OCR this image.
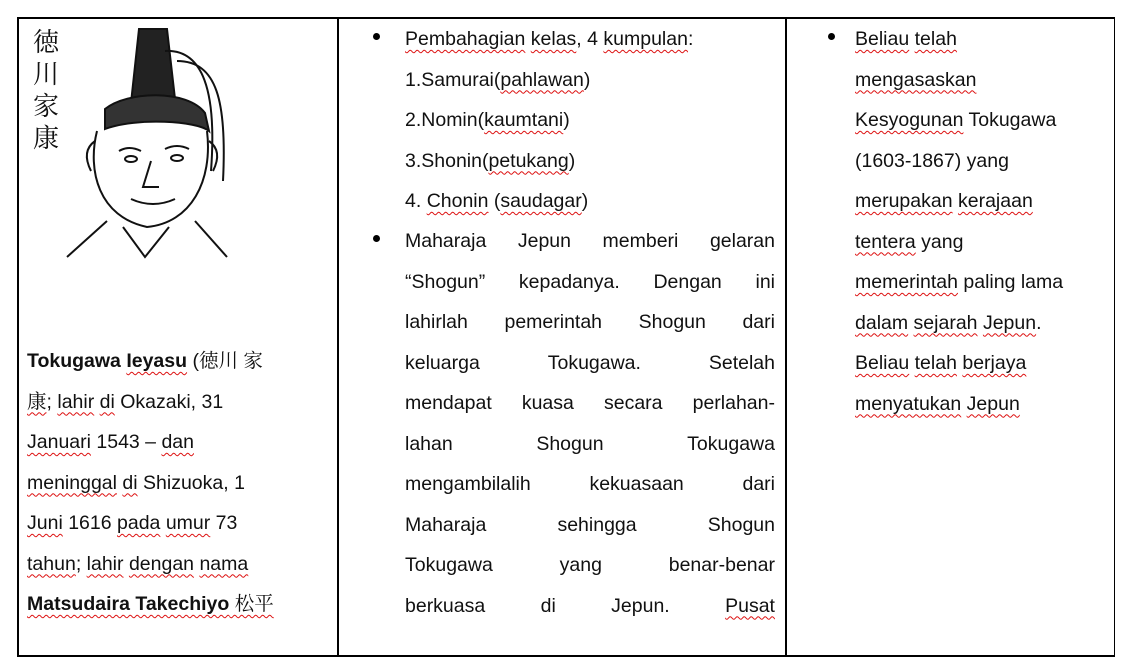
徳
川
家
康
Tokugawa Ieyasu (徳川 家
康; lahir di Okazaki, 31
Januari 1543 – dan
meninggal di Shizuoka, 1
Juni 1616 pada umur 73
tahun; lahir dengan nama
Matsudaira Takechiyo 松平
Pembahagian kelas, 4 kumpulan:
1.Samurai(pahlawan)
2.Nomin(kaumtani)
3.Shonin(petukang)
4. Chonin (saudagar)
Maharaja Jepun memberi gelaran
“Shogun” kepadanya. Dengan ini
lahirlah pemerintah Shogun dari
keluarga	Tokugawa.	Setelah
mendapat kuasa secara perlahan-
lahan	Shogun	Tokugawa
mengambilalih	kekuasaan	dari
Maharaja	sehingga	Shogun
Tokugawa	yang	benar-benar
berkuasa	di	Jepun.	Pusat
Beliau telah
mengasaskan
Kesyogunan Tokugawa
(1603-1867) yang
merupakan kerajaan
tentera yang
memerintah paling lama
dalam sejarah Jepun.
Beliau telah berjaya
menyatukan Jepun
